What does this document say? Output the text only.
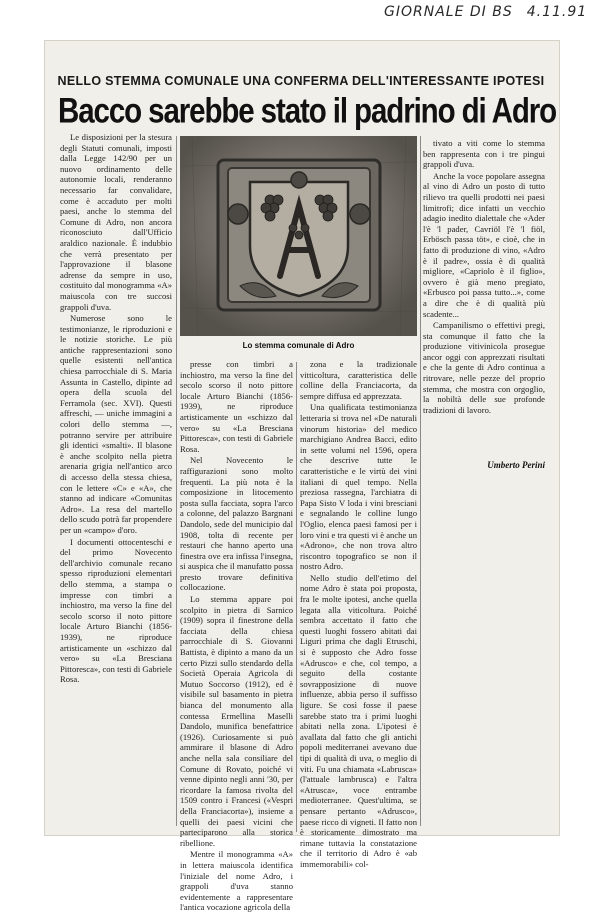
GIORNALE DI BS 4.11.91
NELLO STEMMA COMUNALE UNA CONFERMA DELL'INTERESSANTE IPOTESI
Bacco sarebbe stato il padrino di Adro

Le disposizioni per la stesura degli Statuti comunali, imposti dalla Legge 142/90 per un nuovo ordinamento delle autonomie locali, renderanno necessario far convalidare, come è accaduto per molti paesi, anche lo stemma del Comune di Adro, non ancora riconosciuto dall'Ufficio araldico nazionale. È indubbio che verrà presentato per l'approvazione il blasone adrense da sempre in uso, costituito dal monogramma «A» maiuscola con tre succosi grappoli d'uva.

Numerose sono le testimonianze, le riproduzioni e le notizie storiche. Le più antiche rappresentazioni sono quelle esistenti nell'antica chiesa parrocchiale di S. Maria Assunta in Castello, dipinte ad opera della scuola del Ferramola (sec. XVI). Questi affreschi, — uniche immagini a colori dello stemma —, potranno servire per attribuire gli identici «smalti». Il blasone è anche scolpito nella pietra arenaria grigia nell'antico arco di accesso della stessa chiesa, con le lettere «C» e «A», che stanno ad indicare «Comunitas Adro». La resa del martello dello scudo potrà far propendere per un «campo» d'oro.

I documenti ottocenteschi e del primo Novecento dell'archivio comunale recano spesso riproduzioni elementari dello stemma, a stampa o impresse con timbri a inchiostro, ma verso la fine del secolo scorso il noto pittore locale Arturo Bianchi (1856-1939), ne riproduce artisticamente un «schizzo dal vero» su «La Bresciana Pittoresca», con testi di Gabriele Rosa.

Lo stemma comunale di Adro

presse con timbri a inchiostro, ma verso la fine del secolo scorso il noto pittore locale Arturo Bianchi (1856-1939), ne riproduce artisticamente un «schizzo dal vero» su «La Bresciana Pittoresca», con testi di Gabriele Rosa.

Nel Novecento le raffigurazioni sono molto frequenti. La più nota è la composizione in litocemento posta sulla facciata, sopra l'arco a colonne, del palazzo Bargnani Dandolo, sede del municipio dal 1908, tolta di recente per restauri che hanno aperto una finestra ove era infissa l'insegna, si auspica che il manufatto possa presto trovare definitiva collocazione.

Lo stemma appare poi scolpito in pietra di Sarnico (1909) sopra il finestrone della facciata della chiesa parrocchiale di S. Giovanni Battista, è dipinto a mano da un certo Pizzi sullo stendardo della Società Operaia Agricola di Mutuo Soccorso (1912), ed è visibile sul basamento in pietra bianca del monumento alla contessa Ermellina Maselli Dandolo, munifica benefattrice (1926). Curiosamente si può ammirare il blasone di Adro anche nella sala consiliare del Comune di Rovato, poiché vi venne dipinto negli anni '30, per ricordare la famosa rivolta del 1509 contro i Francesi («Vespri della Franciacorta»), insieme a quelli dei paesi vicini che parteciparono alla storica ribellione.

Mentre il monogramma «A» in lettera maiuscola identifica l'iniziale del nome Adro, i grappoli d'uva stanno evidentemente a rappresentare l'antica vocazione agricola della

zona e la tradizionale vitticoltura, caratteristica delle colline della Franciacorta, da sempre diffusa ed apprezzata.

Una qualificata testimonianza letteraria si trova nel «De naturali vinorum historia» del medico marchigiano Andrea Bacci, edito in sette volumi nel 1596, opera che descrive tutte le caratteristiche e le virtù dei vini italiani di quel tempo. Nella preziosa rassegna, l'archiatra di Papa Sisto V loda i vini bresciani e segnalando le colline lungo l'Oglio, elenca paesi famosi per i loro vini e tra questi vi è anche un «Adrono», che non trova altro riscontro topografico se non il nostro Adro.

Nello studio dell'etimo del nome Adro è stata poi proposta, fra le molte ipotesi, anche quella legata alla viticoltura. Poiché sembra accettato il fatto che questi luoghi fossero abitati dai Liguri prima che dagli Etruschi, si è supposto che Adro fosse «Adrusco» e che, col tempo, a seguito della costante sovrapposizione di nuove influenze, abbia perso il suffisso ligure. Se così fosse il paese sarebbe stato tra i primi luoghi abitati nella zona. L'ipotesi è avallata dal fatto che gli antichi popoli mediterranei avevano due tipi di qualità di uva, o meglio di viti. Fu una chiamata «Labrusca» (l'attuale lambrusca) e l'altra «Atrusca», voce entrambe medioterranee. Quest'ultima, se pensare pertanto «Adrusco», paese ricco di vigneti. Il fatto non è storicamente dimostrato ma rimane tuttavia la constatazione che il territorio di Adro è «ab immemorabili» col-

tivato a viti come lo stemma ben rappresenta con i tre pingui grappoli d'uva.

Anche la voce popolare assegna al vino di Adro un posto di tutto rilievo tra quelli prodotti nei paesi limitrofi; dice infatti un vecchio adagio inedito dialettale che «Ader l'è 'l pader, Cavriöl l'è 'l fiöl, Erbösch passa töt», e cioè, che in fatto di produzione di vino, «Adro è il padre», ossia è di qualità migliore, «Capriolo è il figlio», ovvero è già meno pregiato, «Erbusco poi passa tutto...», come a dire che è di qualità più scadente...

Campanilismo o effettivi pregi, sta comunque il fatto che la produzione vitivinicola prosegue ancor oggi con apprezzati risultati e che la gente di Adro continua a ritrovare, nelle pezze del proprio stemma, che mostra con orgoglio, la nobiltà delle sue profonde tradizioni di lavoro.

Umberto Perini
